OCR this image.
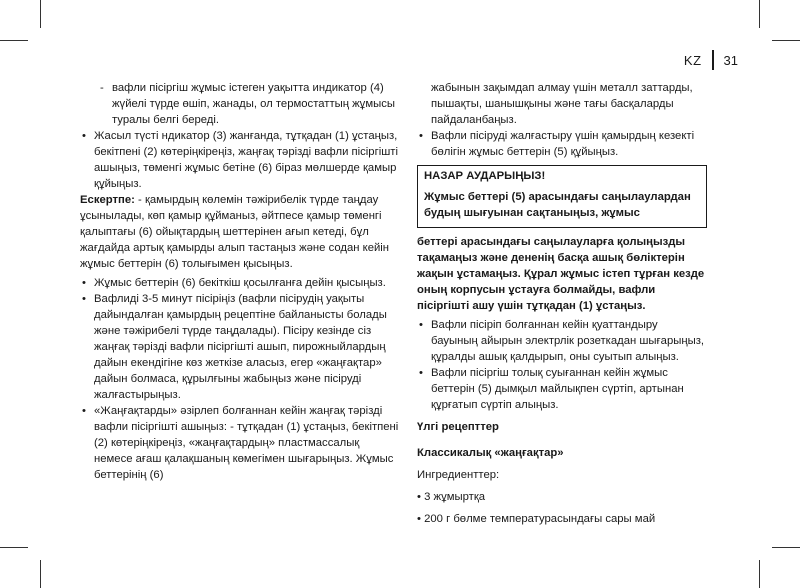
KZ 31

- вафли пісіргіш жұмыс істеген уақытта индикатор (4) жүйелі түрде өшіп, жанады, ол термостаттың жұмысы туралы белгі береді.

• Жасыл түсті ндикатор (3) жанғанда, тұтқадан (1) ұстаңыз, бекітпені (2) көтеріңкіреңіз, жаңғақ тәрізді вафли пісіргішті ашыңыз, төменгі жұмыс бетіне (6) біраз мөлшерде қамыр құйыңыз.

Ескертпе: - қамырдың көлемін тәжірибелік түрде таңдау ұсынылады, көп қамыр құйманыз, әйтпесе қамыр төменгі қалыптағы (6) ойықтардың шеттерінен ағып кетеді, бұл жағдайда артық қамырды алып тастаңыз және содан кейін жұмыс беттерін (6) толығымен қысыңыз.

• Жұмыс беттерін (6) бекіткіш қосылғанға дейін қысыңыз.

• Вафлиді 3-5 минут пісіріңіз (вафли пісірудің уақыты дайындалған қамырдың рецептіне байланысты болады және тәжірибелі түрде таңдалады). Пісіру кезінде сіз жаңғақ тәрізді вафли пісіргішті ашып, пирожныйлардың дайын екендігіне көз жеткізе аласыз, егер «жаңғақтар» дайын болмаса, құрылғыны жабыңыз және пісіруді жалғастырыңыз.

• «Жаңғақтарды» әзірлеп болғаннан кейін жаңғақ тәрізді вафли пісіргішті ашыңыз: - тұтқадан (1) ұстаңыз, бекітпені (2) көтеріңкіреңіз, «жаңғақтардың» пластмассалық немесе ағаш қалақшаның көмегімен шығарыңыз. Жұмыс беттерінің (6)

жабынын зақымдап алмау үшін металл заттарды, пышақты, шанышқыны және тағы басқаларды пайдаланбаңыз.

• Вафли пісіруді жалғастыру үшін қамырдың кезекті бөлігін жұмыс беттерін (5) құйыңыз.

НАЗАР АУДАРЫҢЫЗ!
Жұмыс беттері (5) арасындағы саңылаулардан будың шығуынан сақтаныңыз, жұмыс

беттері арасындағы саңылауларға қолыңызды тақамаңыз және дененің басқа ашық бөліктерін жақын ұстамаңыз. Құрал жұмыс істеп тұрған кезде оның корпусын ұстауға болмайды, вафли пісіргішті ашу үшін тұтқадан (1) ұстаңыз.

• Вафли пісіріп болғаннан кейін қуаттандыру бауының айырын электрлік розеткадан шығарыңыз, құралды ашық қалдырып, оны суытып алыңыз.

• Вафли пісіргіш толық суығаннан кейін жұмыс беттерін (5) дымқыл майлықпен сүртіп, артынан құрғатып сүртіп алыңыз.

Үлгі рецепттер

Классикалық «жаңғақтар»

Ингредиенттер:

• 3 жұмыртқа

• 200 г бөлме температурасындағы сары май
